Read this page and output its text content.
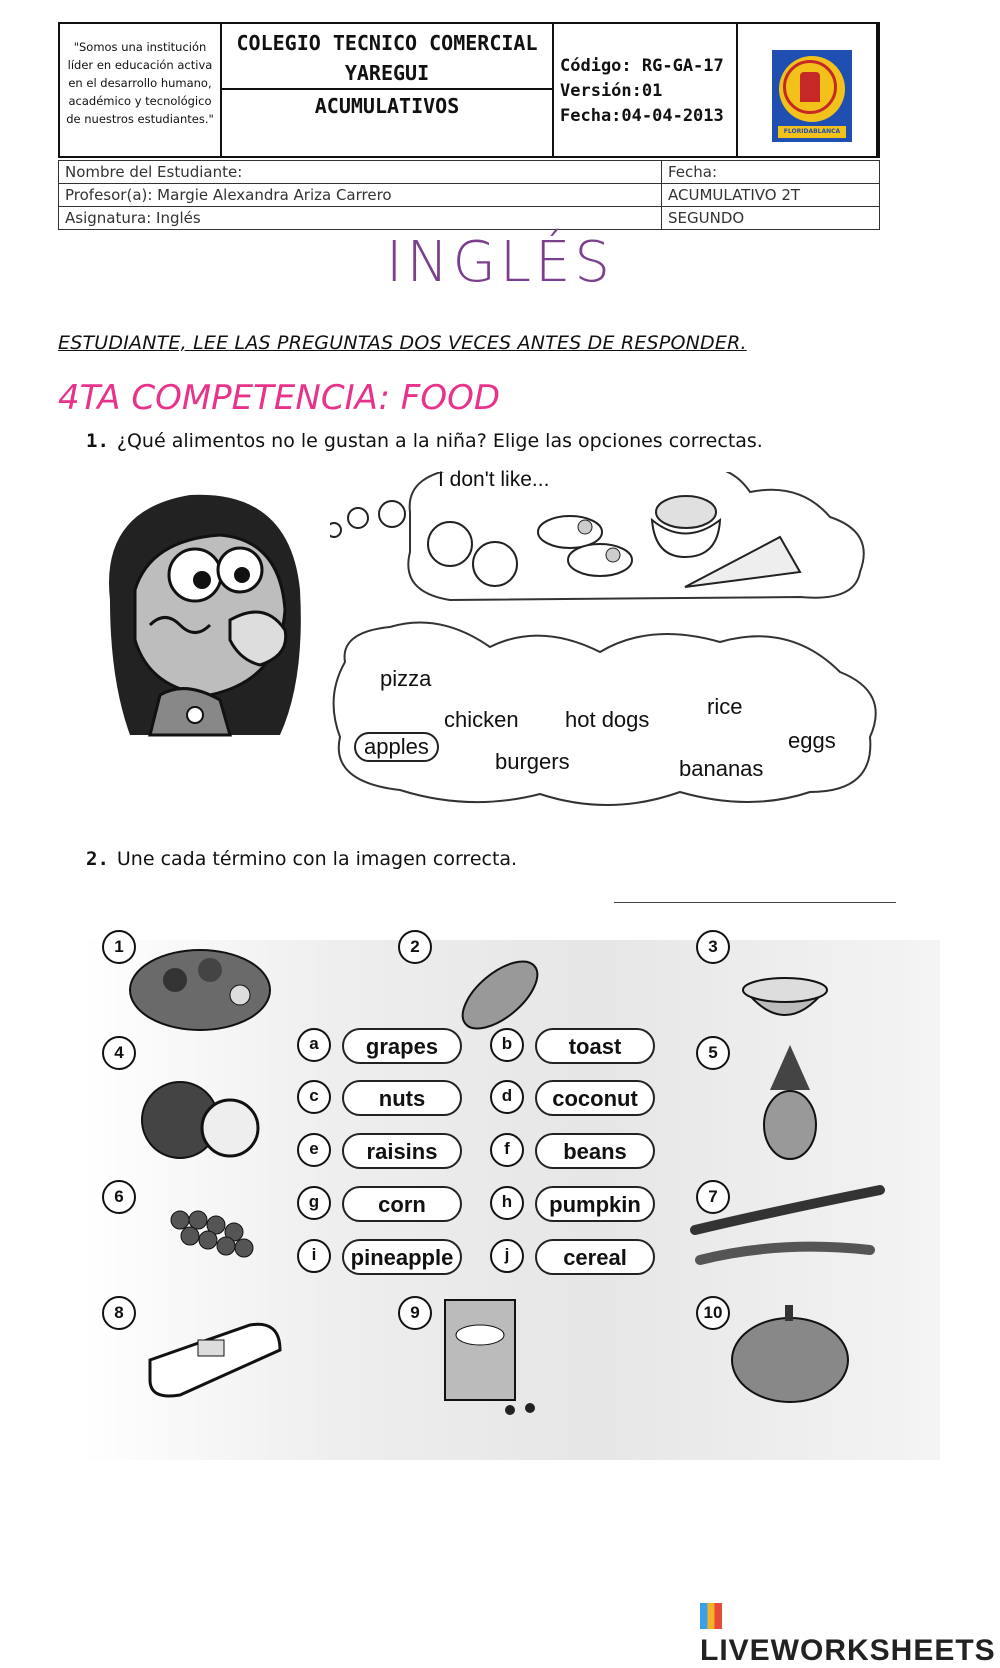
"Somos una institución líder en educación activa en el desarrollo humano, académico y tecnológico de nuestros estudiantes."
COLEGIO TECNICO COMERCIAL YAREGUI
ACUMULATIVOS
Código: RG-GA-17
Versión:01
Fecha:04-04-2013
FLORIDABLANCA
Nombre del Estudiante:	Fecha:
Profesor(a): Margie Alexandra Ariza Carrero	ACUMULATIVO 2T
Asignatura: Inglés	SEGUNDO
INGLÉS
ESTUDIANTE, LEE LAS PREGUNTAS DOS VECES ANTES DE RESPONDER.
4TA COMPETENCIA: FOOD
1. ¿Qué alimentos no le gustan a la niña? Elige las opciones correctas.
I don't like...
pizza
chicken hot dogs
rice
apples
burgers	bananas
eggs
2. Une cada término con la imagen correcta.
1	2	3
4	5
6	7
8	9	10
a	grapes	b	toast
c	nuts	d	coconut
e	raisins	f	beans
g	corn	h	pumpkin
i	pineapple	j	cereal
LIVEWORKSHEETS
